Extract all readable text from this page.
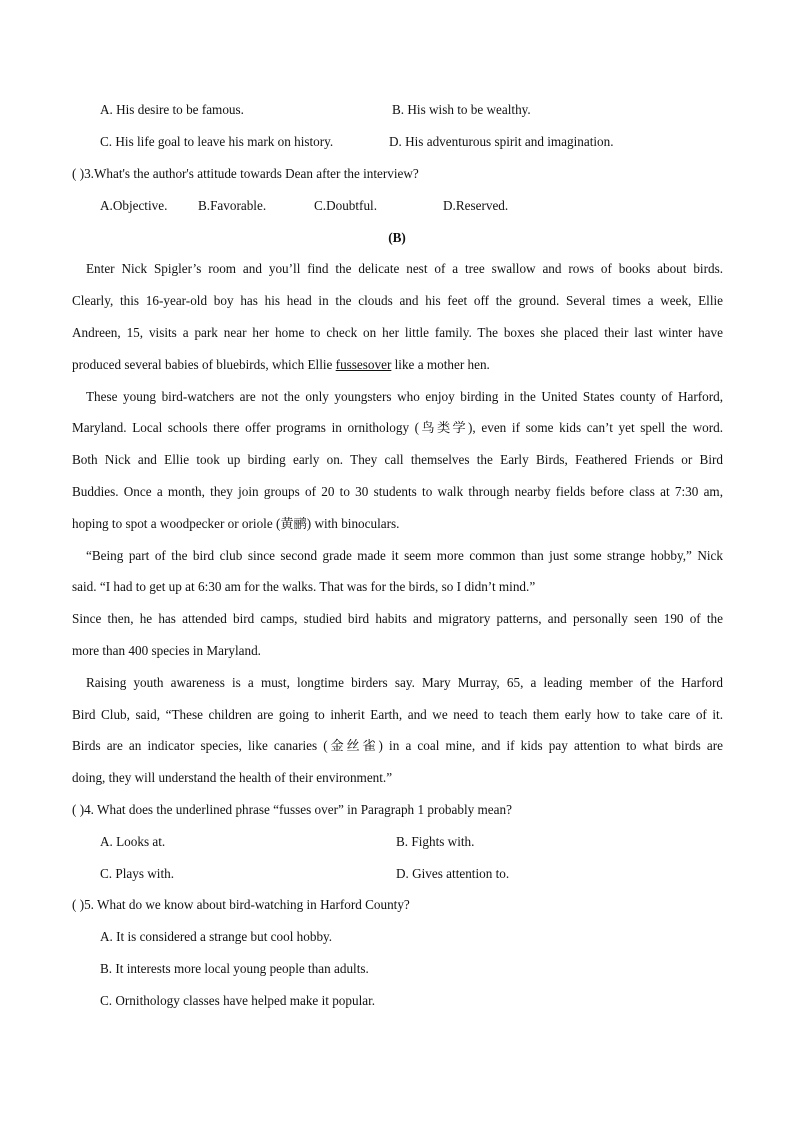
A. His desire to be famous.	B. His wish to be wealthy.
C. His life goal to leave his mark on history.	D. His adventurous spirit and imagination.
( )3.What's the author's attitude towards Dean after the interview?
A.Objective. B.Favorable.	C.Doubtful.	D.Reserved.
(B)
Enter Nick Spigler’s room and you’ll find the delicate nest of a tree swallow and rows of books about birds.
Clearly, this 16-year-old boy has his head in the clouds and his feet off the ground. Several times a week, Ellie
Andreen, 15, visits a park near her home to check on her little family. The boxes she placed their last winter have
produced several babies of bluebirds, which Ellie fussesover like a mother hen.
These young bird-watchers are not the only youngsters who enjoy birding in the United States county of Harford,
Maryland. Local schools there offer programs in ornithology (鸟类学), even if some kids can’t yet spell the word.
Both Nick and Ellie took up birding early on. They call themselves the Early Birds, Feathered Friends or Bird
Buddies. Once a month, they join groups of 20 to 30 students to walk through nearby fields before class at 7:30 am,
hoping to spot a woodpecker or oriole (黄鹂) with binoculars.
“Being part of the bird club since second grade made it seem more common than just some strange hobby,” Nick
said. “I had to get up at 6:30 am for the walks. That was for the birds, so I didn’t mind.”
Since then, he has attended bird camps, studied bird habits and migratory patterns, and personally seen 190 of the
more than 400 species in Maryland.
Raising youth awareness is a must, longtime birders say. Mary Murray, 65, a leading member of the Harford
Bird Club, said, “These children are going to inherit Earth, and we need to teach them early how to take care of it.
Birds are an indicator species, like canaries (金丝雀) in a coal mine, and if kids pay attention to what birds are
doing, they will understand the health of their environment.”
( )4. What does the underlined phrase “fusses over” in Paragraph 1 probably mean?
A. Looks at.	B. Fights with.
C. Plays with.	D. Gives attention to.
( )5. What do we know about bird-watching in Harford County?
A. It is considered a strange but cool hobby.
B. It interests more local young people than adults.
C. Ornithology classes have helped make it popular.
